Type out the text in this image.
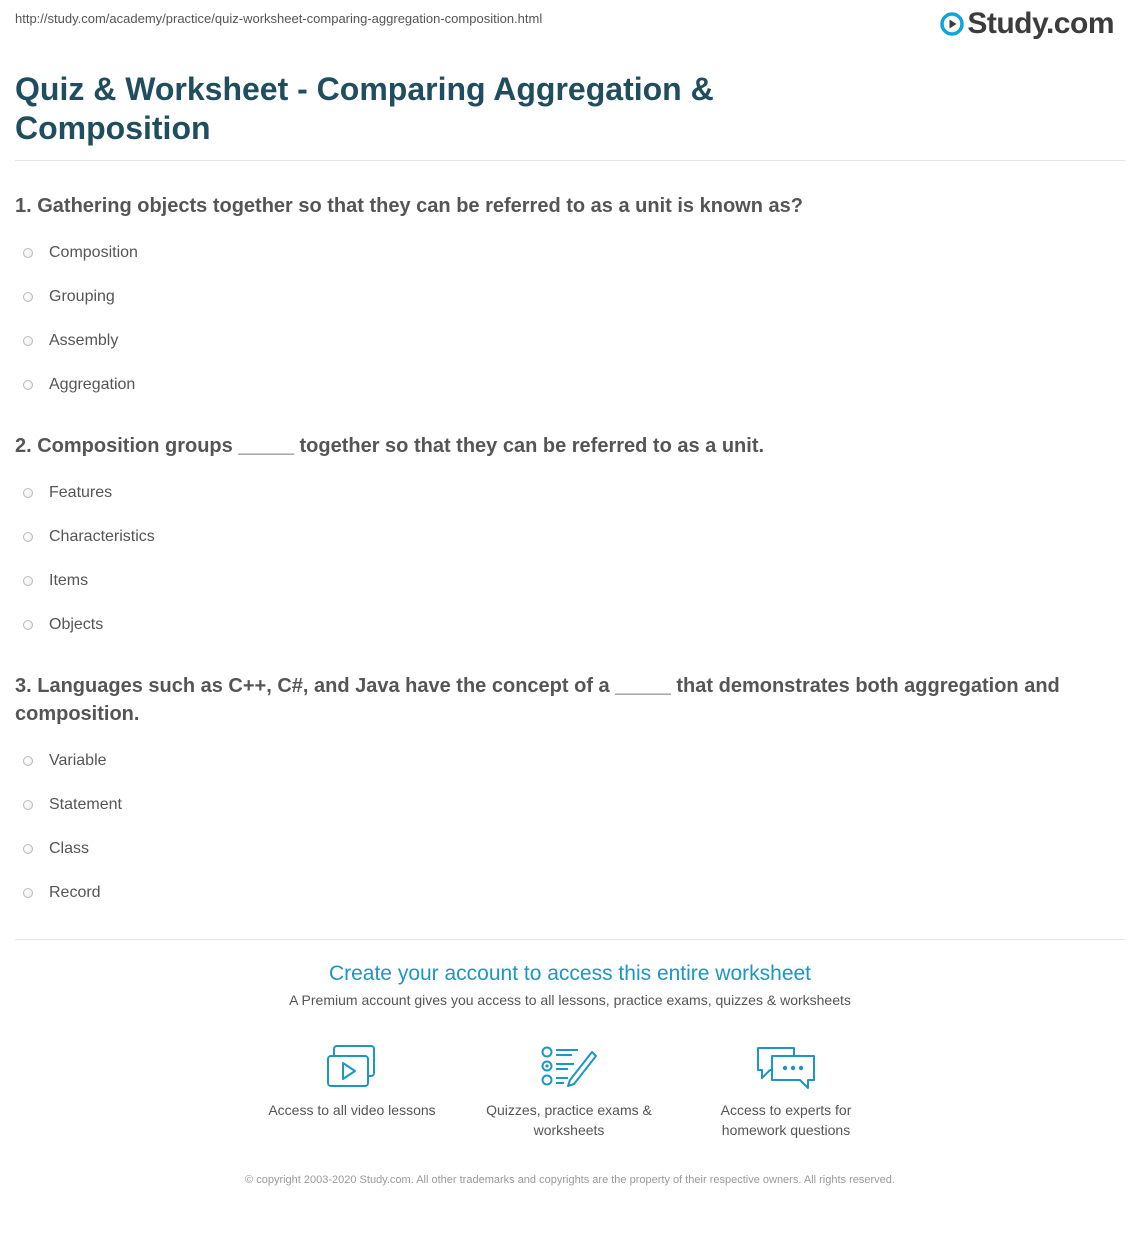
http://study.com/academy/practice/quiz-worksheet-comparing-aggregation-composition.html	Study.com
Quiz & Worksheet - Comparing Aggregation & Composition

1. Gathering objects together so that they can be referred to as a unit is known as?

Composition
Grouping
Assembly
Aggregation

2. Composition groups _____ together so that they can be referred to as a unit.

Features
Characteristics
Items
Objects

3. Languages such as C++, C#, and Java have the concept of a _____ that demonstrates both aggregation and composition.

Variable
Statement
Class
Record
Create your account to access this entire worksheet
A Premium account gives you access to all lessons, practice exams, quizzes & worksheets
Access to all video lessons	Quizzes, practice exams & worksheets
Access to experts for homework questions
© copyright 2003-2020 Study.com. All other trademarks and copyrights are the property of their respective owners. All rights reserved.
